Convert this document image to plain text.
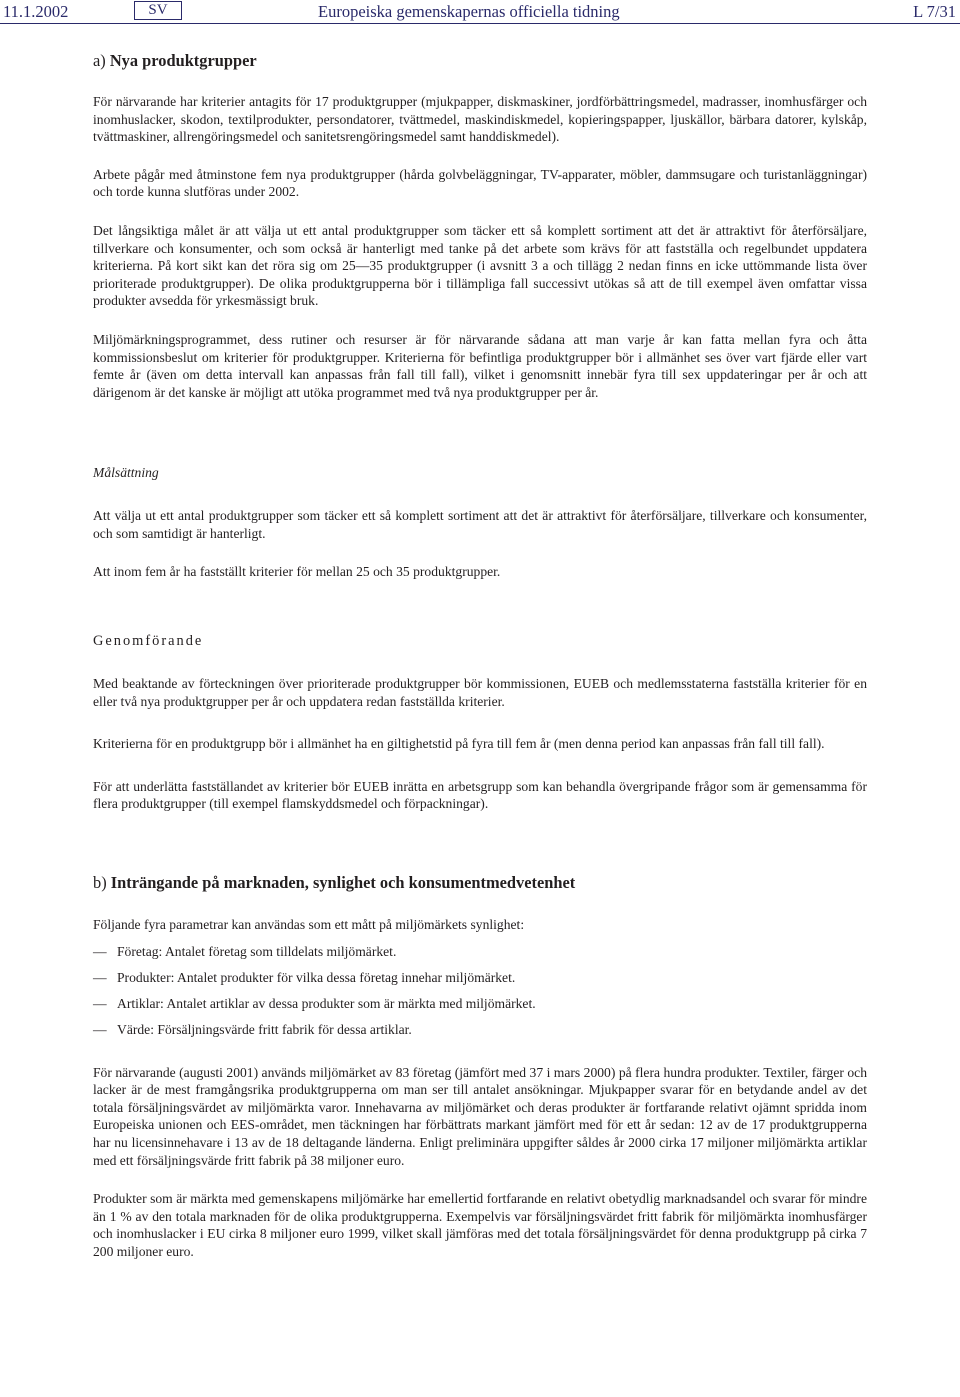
11.1.2002	SV	Europeiska gemenskapernas officiella tidning	L 7/31
a) Nya produktgrupper

För närvarande har kriterier antagits för 17 produktgrupper (mjukpapper, diskmaskiner, jordförbättringsmedel, madrasser, inomhusfärger och inomhuslacker, skodon, textilprodukter, persondatorer, tvättmedel, maskindiskmedel, kopieringspapper, ljuskällor, bärbara datorer, kylskåp, tvättmaskiner, allrengöringsmedel och sanitetsrengöringsmedel samt handdiskmedel).

Arbete pågår med åtminstone fem nya produktgrupper (hårda golvbeläggningar, TV-apparater, möbler, dammsugare och turistanläggningar) och torde kunna slutföras under 2002.

Det långsiktiga målet är att välja ut ett antal produktgrupper som täcker ett så komplett sortiment att det är attraktivt för återförsäljare, tillverkare och konsumenter, och som också är hanterligt med tanke på det arbete som krävs för att fastställa och regelbundet uppdatera kriterierna. På kort sikt kan det röra sig om 25—35 produktgrupper (i avsnitt 3 a och tillägg 2 nedan finns en icke uttömmande lista över prioriterade produktgrupper). De olika produktgrupperna bör i tillämpliga fall successivt utökas så att de till exempel även omfattar vissa produkter avsedda för yrkesmässigt bruk.

Miljömärkningsprogrammet, dess rutiner och resurser är för närvarande sådana att man varje år kan fatta mellan fyra och åtta kommissionsbeslut om kriterier för produktgrupper. Kriterierna för befintliga produktgrupper bör i allmänhet ses över vart fjärde eller vart femte år (även om detta intervall kan anpassas från fall till fall), vilket i genomsnitt innebär fyra till sex uppdateringar per år och att därigenom är det kanske är möjligt att utöka programmet med två nya produktgrupper per år.

Målsättning

Att välja ut ett antal produktgrupper som täcker ett så komplett sortiment att det är attraktivt för återförsäljare, tillverkare och konsumenter, och som samtidigt är hanterligt.

Att inom fem år ha fastställt kriterier för mellan 25 och 35 produktgrupper.

Genomförande

Med beaktande av förteckningen över prioriterade produktgrupper bör kommissionen, EUEB och medlemsstaterna fastställa kriterier för en eller två nya produktgrupper per år och uppdatera redan fastställda kriterier.

Kriterierna för en produktgrupp bör i allmänhet ha en giltighetstid på fyra till fem år (men denna period kan anpassas från fall till fall).

För att underlätta fastställandet av kriterier bör EUEB inrätta en arbetsgrupp som kan behandla övergripande frågor som är gemensamma för flera produktgrupper (till exempel flamskyddsmedel och förpackningar).

b) Inträngande på marknaden, synlighet och konsumentmedvetenhet

Följande fyra parametrar kan användas som ett mått på miljömärkets synlighet:

— Företag: Antalet företag som tilldelats miljömärket.
— Produkter: Antalet produkter för vilka dessa företag innehar miljömärket.
— Artiklar: Antalet artiklar av dessa produkter som är märkta med miljömärket.
— Värde: Försäljningsvärde fritt fabrik för dessa artiklar.

För närvarande (augusti 2001) används miljömärket av 83 företag (jämfört med 37 i mars 2000) på flera hundra produkter. Textiler, färger och lacker är de mest framgångsrika produktgrupperna om man ser till antalet ansökningar. Mjukpapper svarar för en betydande andel av det totala försäljningsvärdet av miljömärkta varor. Innehavarna av miljömärket och deras produkter är fortfarande relativt ojämnt spridda inom Europeiska unionen och EES-området, men täckningen har förbättrats markant jämfört med för ett år sedan: 12 av de 17 produktgrupperna har nu licensinnehavare i 13 av de 18 deltagande länderna. Enligt preliminära uppgifter såldes år 2000 cirka 17 miljoner miljömärkta artiklar med ett försäljningsvärde fritt fabrik på 38 miljoner euro.

Produkter som är märkta med gemenskapens miljömärke har emellertid fortfarande en relativt obetydlig marknadsandel och svarar för mindre än 1 % av den totala marknaden för de olika produktgrupperna. Exempelvis var försäljningsvärdet fritt fabrik för miljömärkta inomhusfärger och inomhuslacker i EU cirka 8 miljoner euro 1999, vilket skall jämföras med det totala försäljningsvärdet för denna produktgrupp på cirka 7 200 miljoner euro.
